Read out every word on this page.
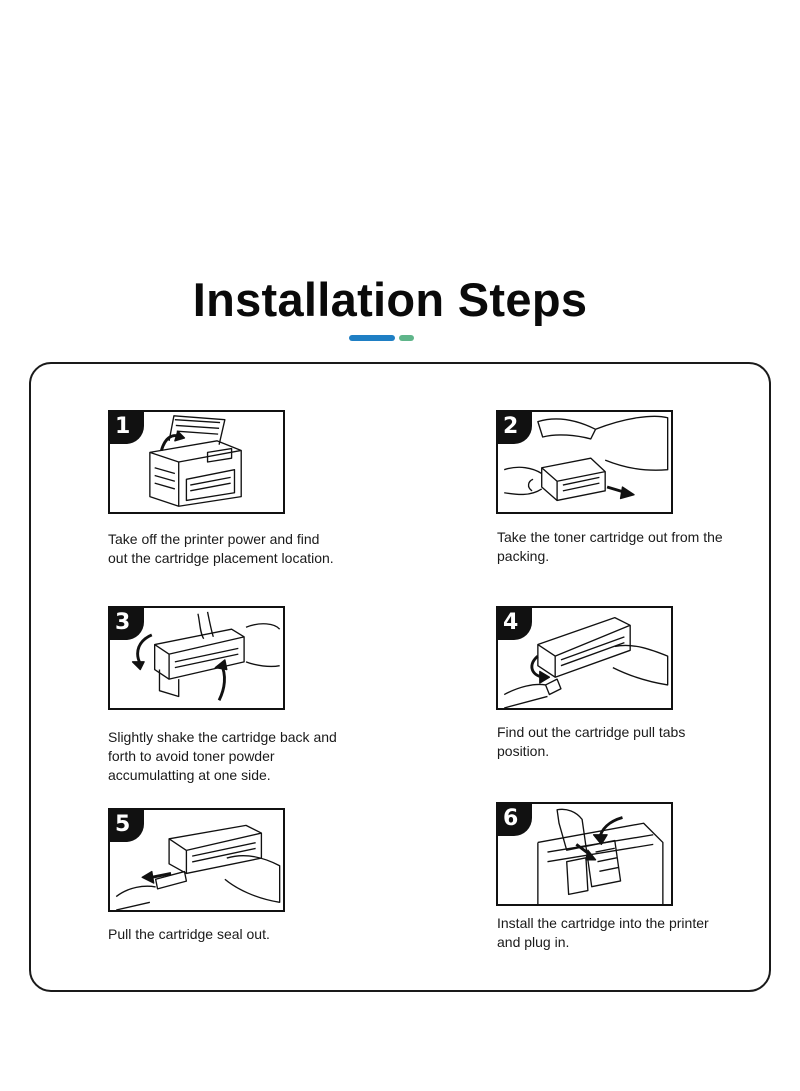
Installation Steps
1

Take off the printer power and find out the cartridge placement location.

2

Take the toner cartridge out from the packing.

3

Slightly shake the cartridge back and forth to avoid toner powder accumulatting at one side.

4

Find out the cartridge pull tabs position.

5

Pull the cartridge seal out.

6

Install the cartridge into the printer and plug in.
